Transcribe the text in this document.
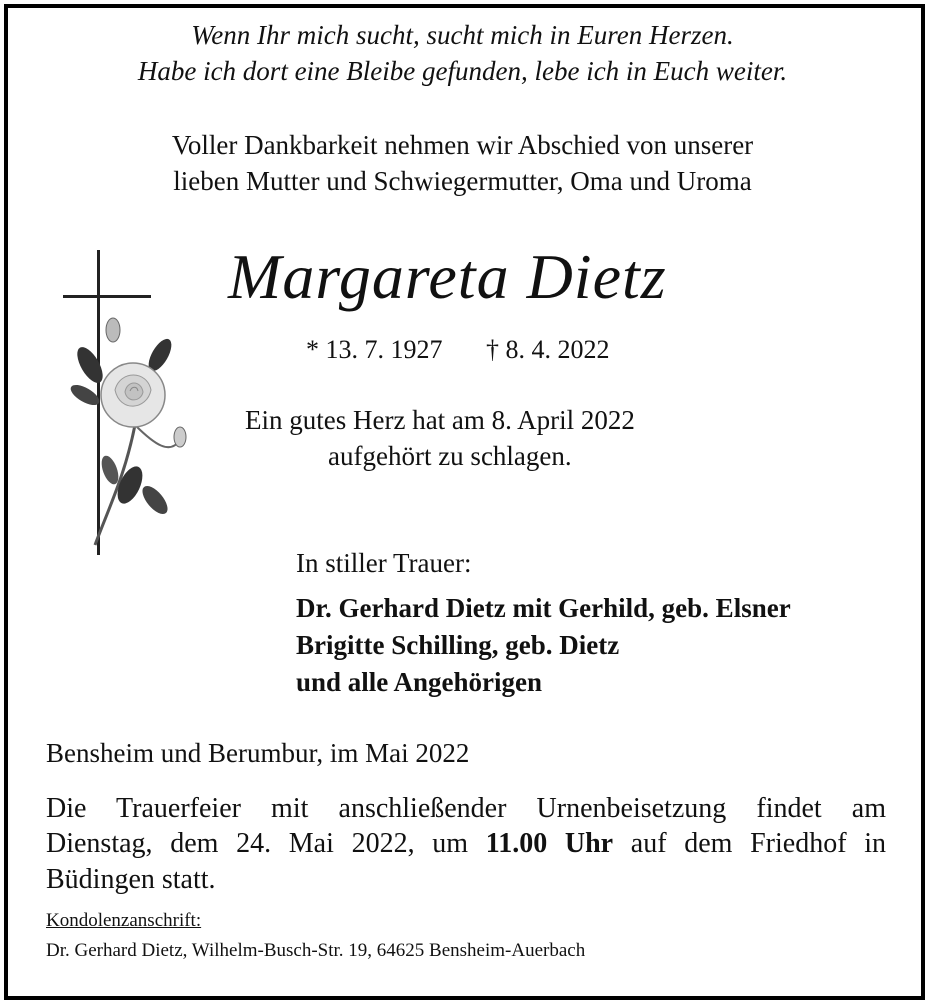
Wenn Ihr mich sucht, sucht mich in Euren Herzen.
Habe ich dort eine Bleibe gefunden, lebe ich in Euch weiter.
Voller Dankbarkeit nehmen wir Abschied von unserer
lieben Mutter und Schwiegermutter, Oma und Uroma
Margareta Dietz
* 13. 7. 1927 † 8. 4. 2022
Ein gutes Herz hat am 8. April 2022
aufgehört zu schlagen.
In stiller Trauer:
Dr. Gerhard Dietz mit Gerhild, geb. Elsner
Brigitte Schilling, geb. Dietz
und alle Angehörigen
Bensheim und Berumbur, im Mai 2022
Die Trauerfeier mit anschließender Urnenbeisetzung findet am
Dienstag, dem 24. Mai 2022, um 11.00 Uhr auf dem Friedhof in
Büdingen statt.
Kondolenzanschrift:
Dr. Gerhard Dietz, Wilhelm-Busch-Str. 19, 64625 Bensheim-Auerbach
